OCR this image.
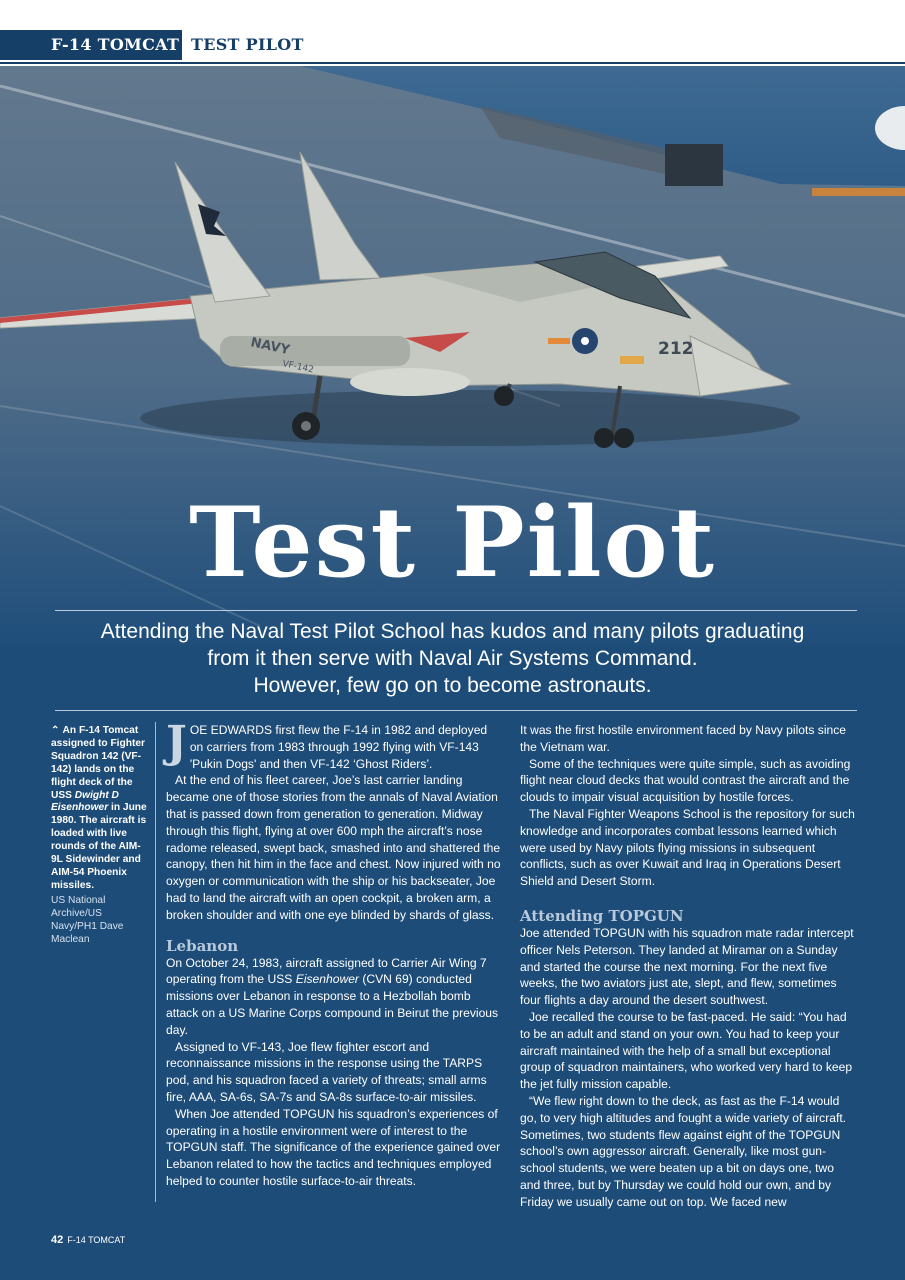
F-14 TOMCAT TEST PILOT
212
NAVY
VF-142
Test Pilot

Attending the Naval Test Pilot School has kudos and many pilots graduating

from it then serve with Naval Air Systems Command.

However, few go on to become astronauts.

⌃ An F-14 Tomcat assigned to Fighter Squadron 142 (VF-142) lands on the flight deck of the USS Dwight D Eisenhower in June 1980. The aircraft is loaded with live rounds of the AIM-9L Sidewinder and AIM-54 Phoenix missiles.
US National Archive/US Navy/PH1 Dave Maclean

JOE EDWARDS first flew the F-14 in 1982 and deployed on carriers from 1983 through 1992 flying with VF-143 'Pukin Dogs' and then VF-142 ‘Ghost Riders’.

At the end of his fleet career, Joe’s last carrier landing became one of those stories from the annals of Naval Aviation that is passed down from generation to generation. Midway through this flight, flying at over 600 mph the aircraft’s nose radome released, swept back, smashed into and shattered the canopy, then hit him in the face and chest. Now injured with no oxygen or communication with the ship or his backseater, Joe had to land the aircraft with an open cockpit, a broken arm, a broken shoulder and with one eye blinded by shards of glass.

Lebanon

On October 24, 1983, aircraft assigned to Carrier Air Wing 7 operating from the USS Eisenhower (CVN 69) conducted missions over Lebanon in response to a Hezbollah bomb attack on a US Marine Corps compound in Beirut the previous day.

Assigned to VF-143, Joe flew fighter escort and reconnaissance missions in the response using the TARPS pod, and his squadron faced a variety of threats; small arms fire, AAA, SA-6s, SA-7s and SA-8s surface-to-air missiles.

When Joe attended TOPGUN his squadron’s experiences of operating in a hostile environment were of interest to the TOPGUN staff. The significance of the experience gained over Lebanon related to how the tactics and techniques employed helped to counter hostile surface-to-air threats.

It was the first hostile environment faced by Navy pilots since the Vietnam war.

Some of the techniques were quite simple, such as avoiding flight near cloud decks that would contrast the aircraft and the clouds to impair visual acquisition by hostile forces.

The Naval Fighter Weapons School is the repository for such knowledge and incorporates combat lessons learned which were used by Navy pilots flying missions in subsequent conflicts, such as over Kuwait and Iraq in Operations Desert Shield and Desert Storm.

Attending TOPGUN

Joe attended TOPGUN with his squadron mate radar intercept officer Nels Peterson. They landed at Miramar on a Sunday and started the course the next morning. For the next five weeks, the two aviators just ate, slept, and flew, sometimes four flights a day around the desert southwest.

Joe recalled the course to be fast-paced. He said: “You had to be an adult and stand on your own. You had to keep your aircraft maintained with the help of a small but exceptional group of squadron maintainers, who worked very hard to keep the jet fully mission capable.

“We flew right down to the deck, as fast as the F-14 would go, to very high altitudes and fought a wide variety of aircraft. Sometimes, two students flew against eight of the TOPGUN school’s own aggressor aircraft. Generally, like most gun-school students, we were beaten up a bit on days one, two and three, but by Thursday we could hold our own, and by Friday we usually came out on top. We faced new

42 F-14 TOMCAT
